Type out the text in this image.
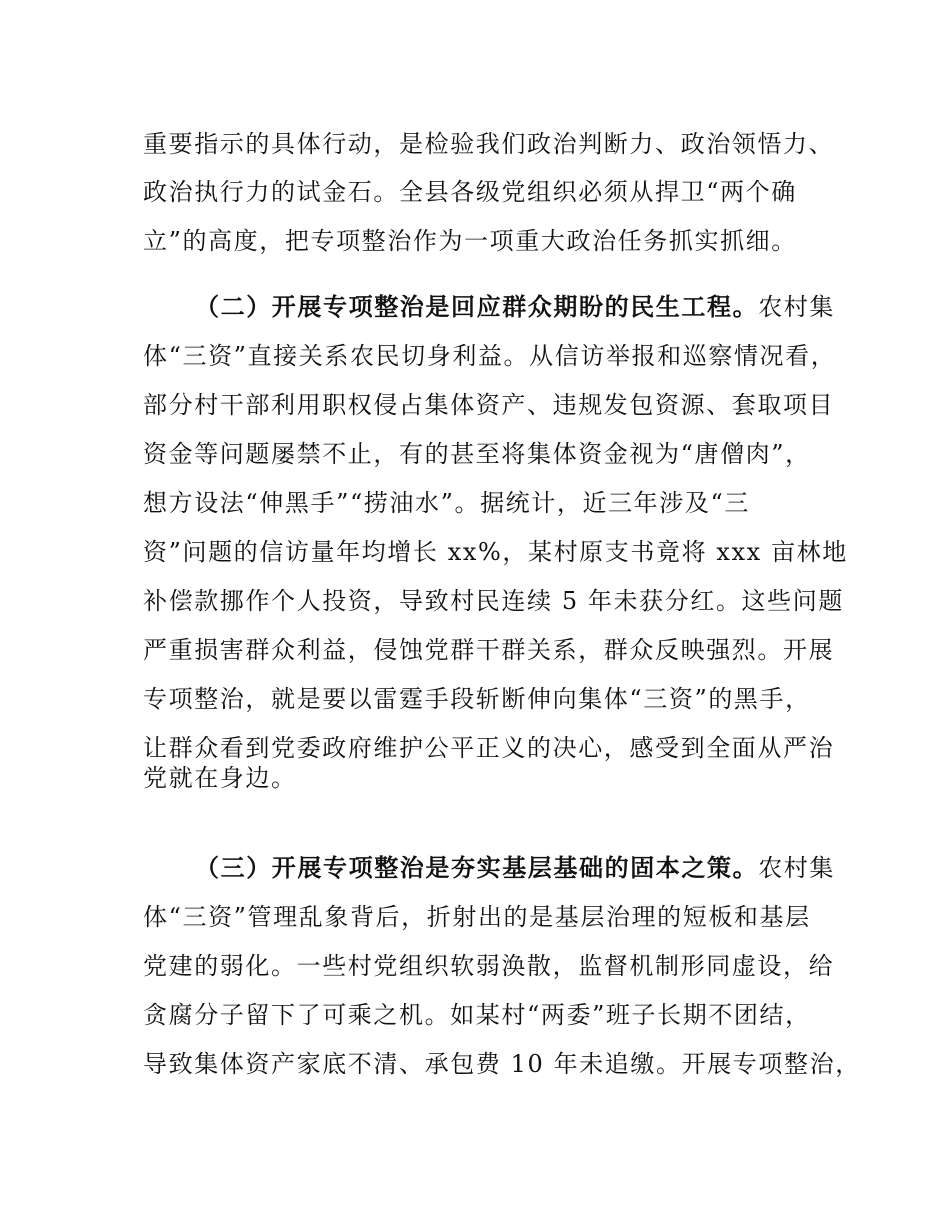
重要指示的具体行动，是检验我们政治判断力、政治领悟力、
政治执行力的试金石。全县各级党组织必须从捍卫“两个确
立”的高度，把专项整治作为一项重大政治任务抓实抓细。
（二）开展专项整治是回应群众期盼的民生工程。农村集
体“三资”直接关系农民切身利益。从信访举报和巡察情况看，
部分村干部利用职权侵占集体资产、违规发包资源、套取项目
资金等问题屡禁不止，有的甚至将集体资金视为“唐僧肉”，
想方设法“伸黑手”“捞油水”。据统计，近三年涉及“三
资”问题的信访量年均增长 xx%，某村原支书竟将 xxx 亩林地
补偿款挪作个人投资，导致村民连续 5 年未获分红。这些问题
严重损害群众利益，侵蚀党群干群关系，群众反映强烈。开展
专项整治，就是要以雷霆手段斩断伸向集体“三资”的黑手，
让群众看到党委政府维护公平正义的决心，感受到全面从严治
党就在身边。
（三）开展专项整治是夯实基层基础的固本之策。农村集
体“三资”管理乱象背后，折射出的是基层治理的短板和基层
党建的弱化。一些村党组织软弱涣散，监督机制形同虚设，给
贪腐分子留下了可乘之机。如某村“两委”班子长期不团结，
导致集体资产家底不清、承包费 10 年未追缴。开展专项整治，
